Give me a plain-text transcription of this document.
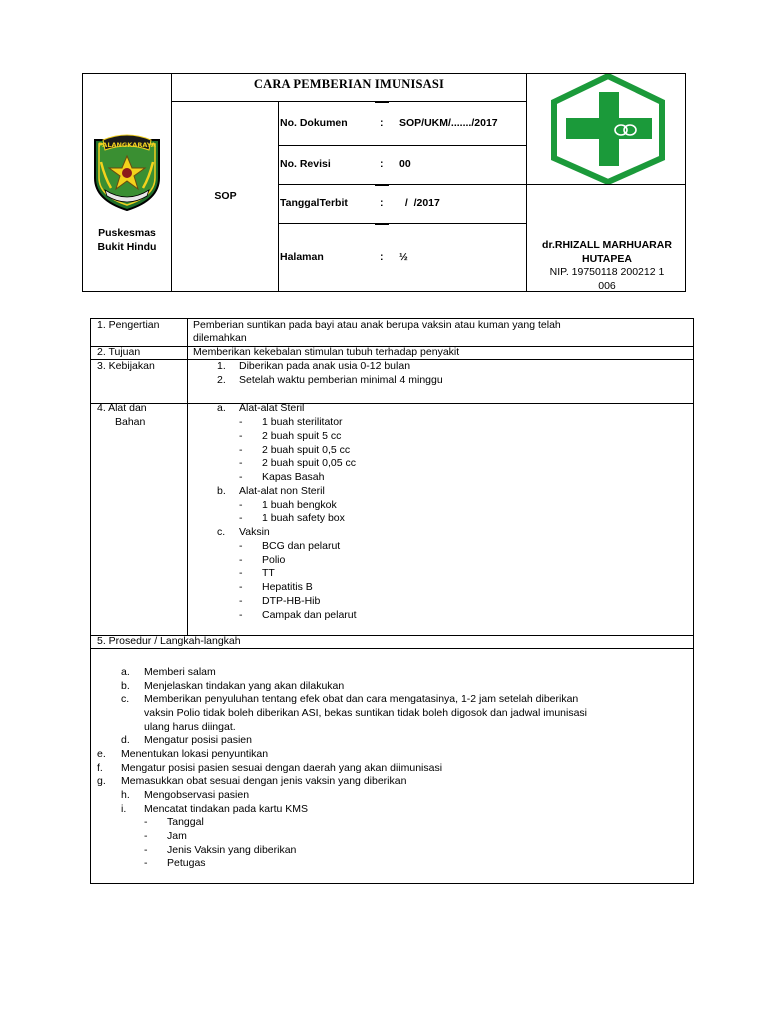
PALANGKARAYA
Puskesmas
Bukit Hindu
CARA PEMBERIAN IMUNISASI
SOP
No. Dokumen	: SOP/UKM/......./2017
No. Revisi	: 00
TanggalTerbit	: /  /2017
Halaman	: ½
dr.RHIZALL MARHUARAR
HUTAPEA
NIP. 19750118 200212 1
006
1. Pengertian	Pemberian suntikan pada bayi atau anak berupa vaksin atau kuman yang telah
dilemahkan
2. Tujuan	Memberikan kekebalan stimulan tubuh terhadap penyakit
3. Kebijakan	1. Diberikan pada anak usia 0-12 bulan
2. Setelah waktu pemberian minimal 4 minggu
4. Alat dan
Bahan
a. Alat-alat Steril
- 1 buah sterilitator
- 2 buah spuit 5 cc
- 2 buah spuit 0,5 cc
- 2 buah spuit 0,05 cc
- Kapas Basah
b. Alat-alat non Steril
- 1 buah bengkok
- 1 buah safety box
c. Vaksin
- BCG dan pelarut
- Polio
- TT
- Hepatitis B
- DTP-HB-Hib
- Campak dan pelarut
5. Prosedur / Langkah-langkah
a. Memberi salam
b. Menjelaskan tindakan yang akan dilakukan
c. Memberikan penyuluhan tentang efek obat dan cara mengatasinya, 1-2 jam setelah diberikan
vaksin Polio tidak boleh diberikan ASI, bekas suntikan tidak boleh digosok dan jadwal imunisasi
ulang harus diingat.
d. Mengatur posisi pasien
e. Menentukan lokasi penyuntikan
f. Mengatur posisi pasien sesuai dengan daerah yang akan diimunisasi
g. Memasukkan obat sesuai dengan jenis vaksin yang diberikan
h. Mengobservasi pasien
i. Mencatat tindakan pada kartu KMS
- Tanggal
- Jam
- Jenis Vaksin yang diberikan
- Petugas
